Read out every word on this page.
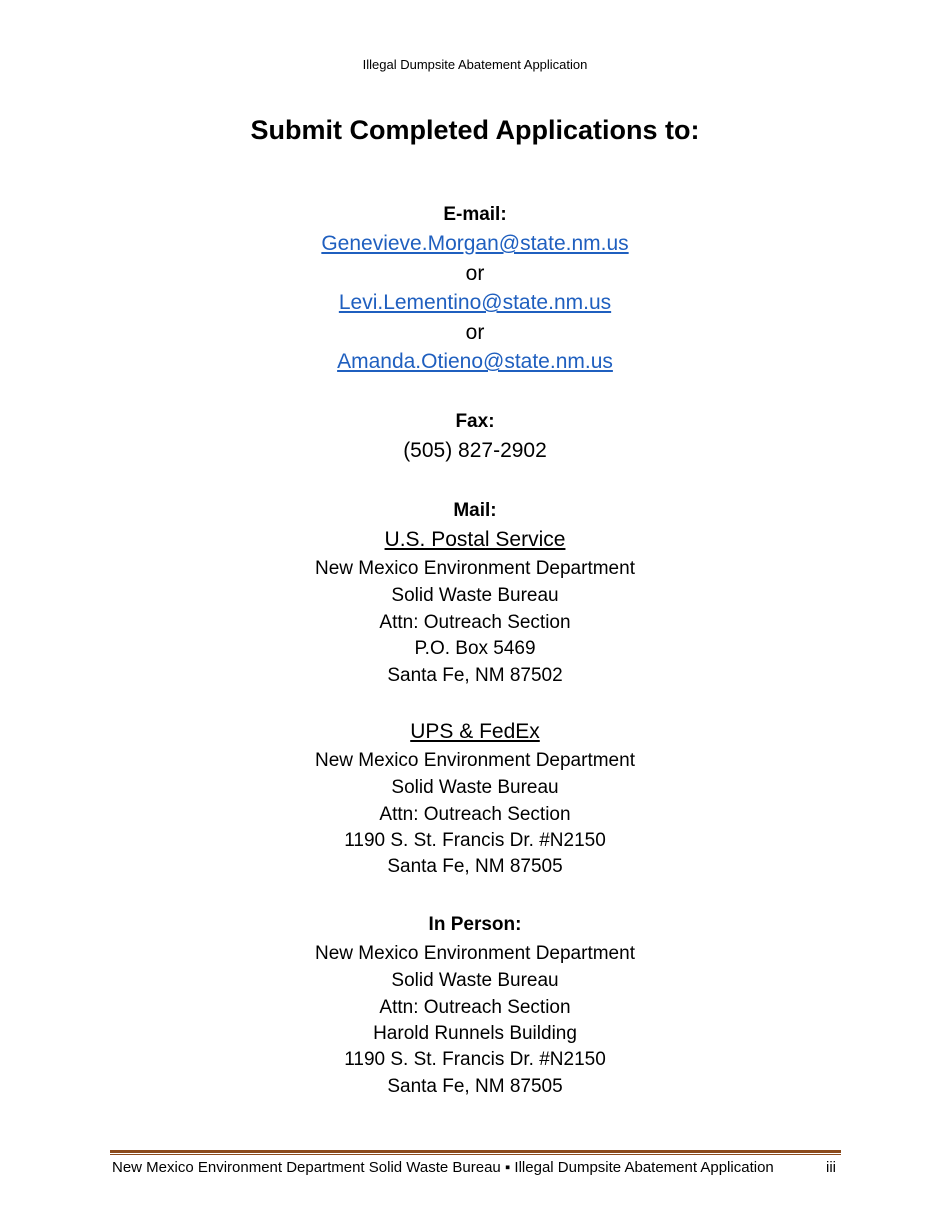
Illegal Dumpsite Abatement Application
Submit Completed Applications to:
E-mail:
Genevieve.Morgan@state.nm.us
or
Levi.Lementino@state.nm.us
or
Amanda.Otieno@state.nm.us
Fax:
(505) 827-2902
Mail:
U.S. Postal Service
New Mexico Environment Department
Solid Waste Bureau
Attn: Outreach Section
P.O. Box 5469
Santa Fe, NM 87502
UPS & FedEx
New Mexico Environment Department
Solid Waste Bureau
Attn: Outreach Section
1190 S. St. Francis Dr. #N2150
Santa Fe, NM 87505
In Person:
New Mexico Environment Department
Solid Waste Bureau
Attn: Outreach Section
Harold Runnels Building
1190 S. St. Francis Dr. #N2150
Santa Fe, NM 87505
New Mexico Environment Department Solid Waste Bureau ▪ Illegal Dumpsite Abatement Application	iii
